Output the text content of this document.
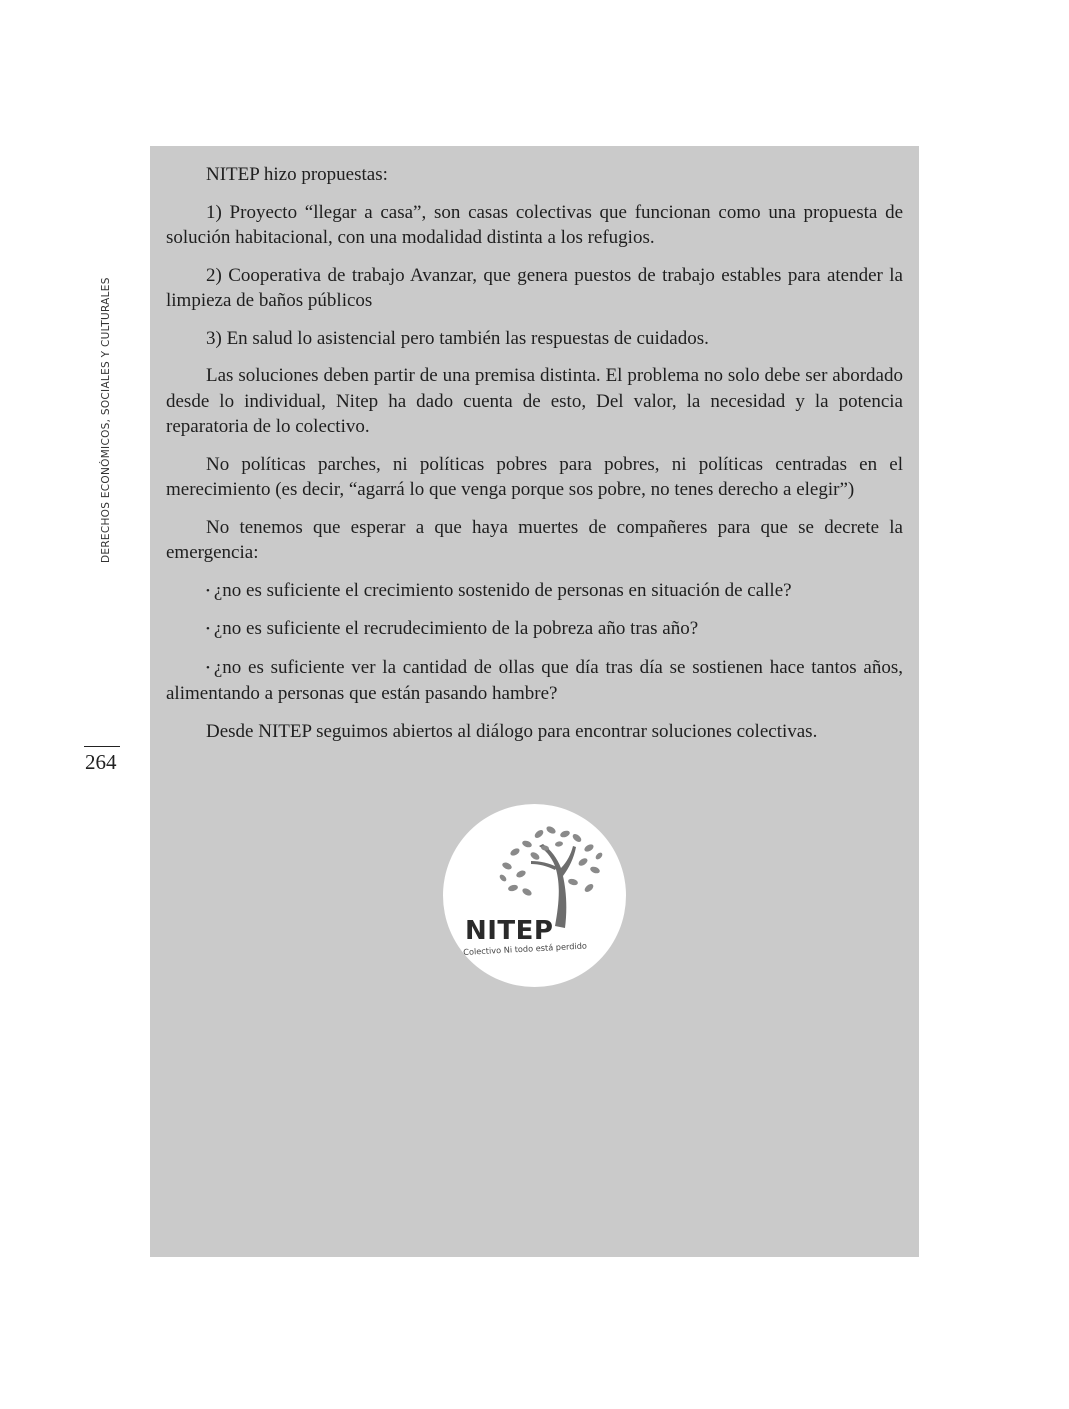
DERECHOS ECONÓMICOS, SOCIALES Y CULTURALES
264

NITEP hizo propuestas:

1) Proyecto “llegar a casa”, son casas colectivas que funcionan como una propuesta de solución habitacional, con una modalidad distinta a los refugios.

2) Cooperativa de trabajo Avanzar, que genera puestos de trabajo estables para atender la limpieza de baños públicos

3) En salud lo asistencial pero también las respuestas de cuidados.

Las soluciones deben partir de una premisa distinta. El problema no solo debe ser abordado desde lo individual, Nitep ha dado cuenta de esto, Del valor, la necesidad y la potencia reparatoria de lo colectivo.

No políticas parches, ni políticas pobres para pobres, ni políticas centradas en el merecimiento (es decir, “agarrá lo que venga porque sos pobre, no tenes derecho a elegir”)

No tenemos que esperar a que haya muertes de compañeres para que se decrete la emergencia:

• ¿no es suficiente el crecimiento sostenido de personas en situación de calle?

• ¿no es suficiente el recrudecimiento de la pobreza año tras año?

• ¿no es suficiente ver la cantidad de ollas que día tras día se sostienen hace tantos años, alimentando a personas que están pasando hambre?

Desde NITEP seguimos abiertos al diálogo para encontrar soluciones colectivas.

NITEP
Colectivo Ni todo está perdido
